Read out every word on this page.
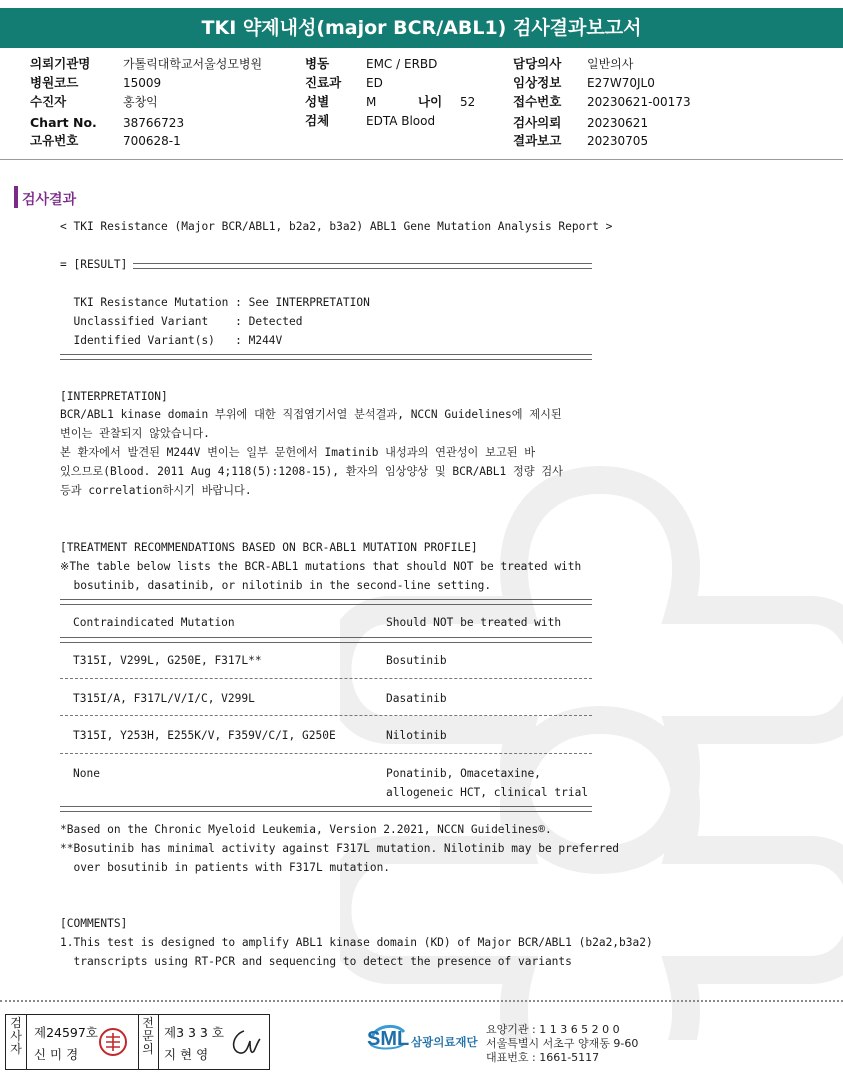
TKI 약제내성(major BCR/ABL1) 검사결과보고서
의뢰기관명	가톨릭대학교서울성모병원
병원코드	15009
수진자	홍창익
Chart No. 38766723
고유번호	700628-1
병동	EMC / ERBD
진료과 ED
성별	M	나이 52
검체	EDTA Blood
담당의사 일반의사
임상정보 E27W70JL0
접수번호 20230621-00173
검사의뢰 20230621
결과보고 20230705
검사결과
< TKI Resistance (Major BCR/ABL1, b2a2, b3a2) ABL1 Gene Mutation Analysis Report >
= [RESULT]
TKI Resistance Mutation : See INTERPRETATION
Unclassified Variant    : Detected
Identified Variant(s)   : M244V
[INTERPRETATION]
BCR/ABL1 kinase domain 부위에 대한 직접염기서열 분석결과, NCCN Guidelines에 제시된
변이는 관찰되지 않았습니다.
본 환자에서 발견된 M244V 변이는 일부 문헌에서 Imatinib 내성과의 연관성이 보고된 바
있으므로(Blood. 2011 Aug 4;118(5):1208-15), 환자의 임상양상 및 BCR/ABL1 정량 검사
등과 correlation하시기 바랍니다.
[TREATMENT RECOMMENDATIONS BASED ON BCR-ABL1 MUTATION PROFILE]
※The table below lists the BCR-ABL1 mutations that should NOT be treated with
bosutinib, dasatinib, or nilotinib in the second-line setting.
Contraindicated Mutation	Should NOT be treated with
T315I, V299L, G250E, F317L**	Bosutinib
T315I/A, F317L/V/I/C, V299L	Dasatinib
T315I, Y253H, E255K/V, F359V/C/I, G250E	Nilotinib
None	Ponatinib, Omacetaxine,
allogeneic HCT, clinical trial
*Based on the Chronic Myeloid Leukemia, Version 2.2021, NCCN Guidelines®.
**Bosutinib has minimal activity against F317L mutation. Nilotinib may be preferred
over bosutinib in patients with F317L mutation.
[COMMENTS]
1.This test is designed to amplify ABL1 kinase domain (KD) of Major BCR/ABL1 (b2a2,b3a2)
transcripts using RT-PCR and sequencing to detect the presence of variants
검사자
제24597호
신 미 경
전문의
제3 3 3 호
지 현 영
SML 삼광의료재단
요양기관 : 1 1 3 6 5 2 0 0
서울특별시 서초구 양재동 9-60
대표번호 : 1661-5117
